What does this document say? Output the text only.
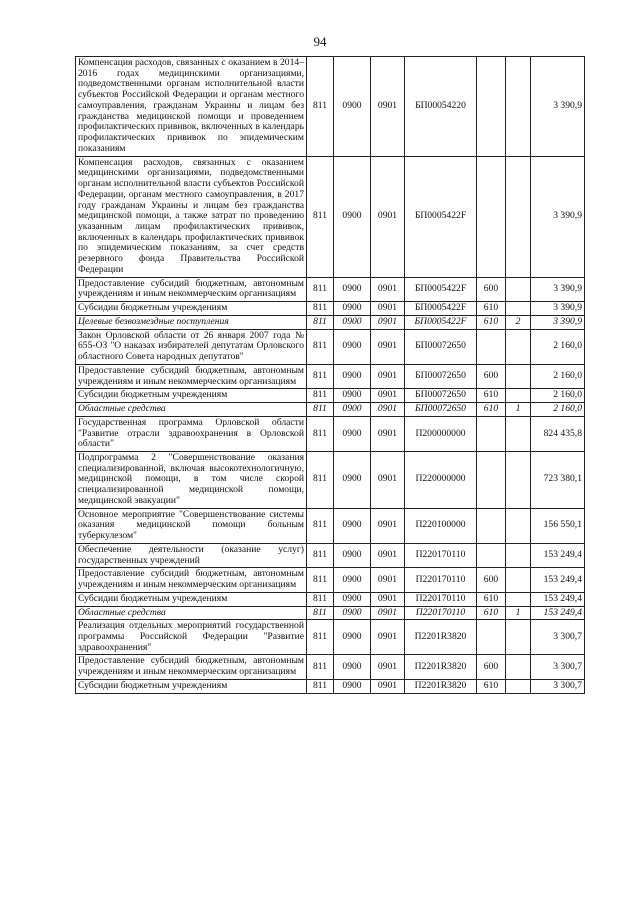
94
Компенсация расходов, связанных с оказанием в 2014–2016 годах медицинскими организациями, подведомственными органам исполнительной власти субъектов Российской Федерации и органам местного самоуправления, гражданам Украины и лицам без гражданства медицинской помощи и проведением профилактических прививок, включенных в календарь профилактических прививок по эпидемическим показаниям	811	0900	0901	БП00054220			3 390,9
Компенсация расходов, связанных с оказанием медицинскими организациями, подведомственными органам исполнительной власти субъектов Российской Федерации, органам местного самоуправления, в 2017 году гражданам Украины и лицам без гражданства медицинской помощи, а также затрат по проведению указанным лицам профилактических прививок, включенных в календарь профилактических прививок по эпидемическим показаниям, за счет средств резервного фонда Правительства Российской Федерации	811	0900	0901	БП0005422F			3 390,9
Предоставление субсидий бюджетным, автономным учреждениям и иным некоммерческим организациям	811	0900	0901	БП0005422F	600		3 390,9
Субсидии бюджетным учреждениям	811	0900	0901	БП0005422F	610		3 390,9
Целевые безвозмездные поступления	811	0900	0901	БП0005422F	610	2	3 390,9
Закон Орловской области от 26 января 2007 года № 655-ОЗ "О наказах избирателей депутатам Орловского областного Совета народных депутатов"	811	0900	0901	БП00072650			2 160,0
Предоставление субсидий бюджетным, автономным учреждениям и иным некоммерческим организациям	811	0900	0901	БП00072650	600		2 160,0
Субсидии бюджетным учреждениям	811	0900	0901	БП00072650	610		2 160,0
Областные средства	811	0900	0901	БП00072650	610	1	2 160,0
Государственная программа Орловской области "Развитие отрасли здравоохранения в Орловской области"	811	0900	0901	П200000000			824 435,8
Подпрограмма 2 "Совершенствование оказания специализированной, включая высокотехнологичную, медицинской помощи, в том числе скорой специализированной медицинской помощи, медицинской эвакуации"	811	0900	0901	П220000000			723 380,1
Основное мероприятие "Совершенствование системы оказания медицинской помощи больным туберкулезом"	811	0900	0901	П220100000			156 550,1
Обеспечение деятельности (оказание услуг) государственных учреждений	811	0900	0901	П220170110			153 249,4
Предоставление субсидий бюджетным, автономным учреждениям и иным некоммерческим организациям	811	0900	0901	П220170110	600		153 249,4
Субсидии бюджетным учреждениям	811	0900	0901	П220170110	610		153 249,4
Областные средства	811	0900	0901	П220170110	610	1	153 249,4
Реализация отдельных мероприятий государственной программы Российской Федерации "Развитие здравоохранения"	811	0900	0901	П2201R3820			3 300,7
Предоставление субсидий бюджетным, автономным учреждениям и иным некоммерческим организациям	811	0900	0901	П2201R3820	600		3 300,7
Субсидии бюджетным учреждениям	811	0900	0901	П2201R3820	610		3 300,7
